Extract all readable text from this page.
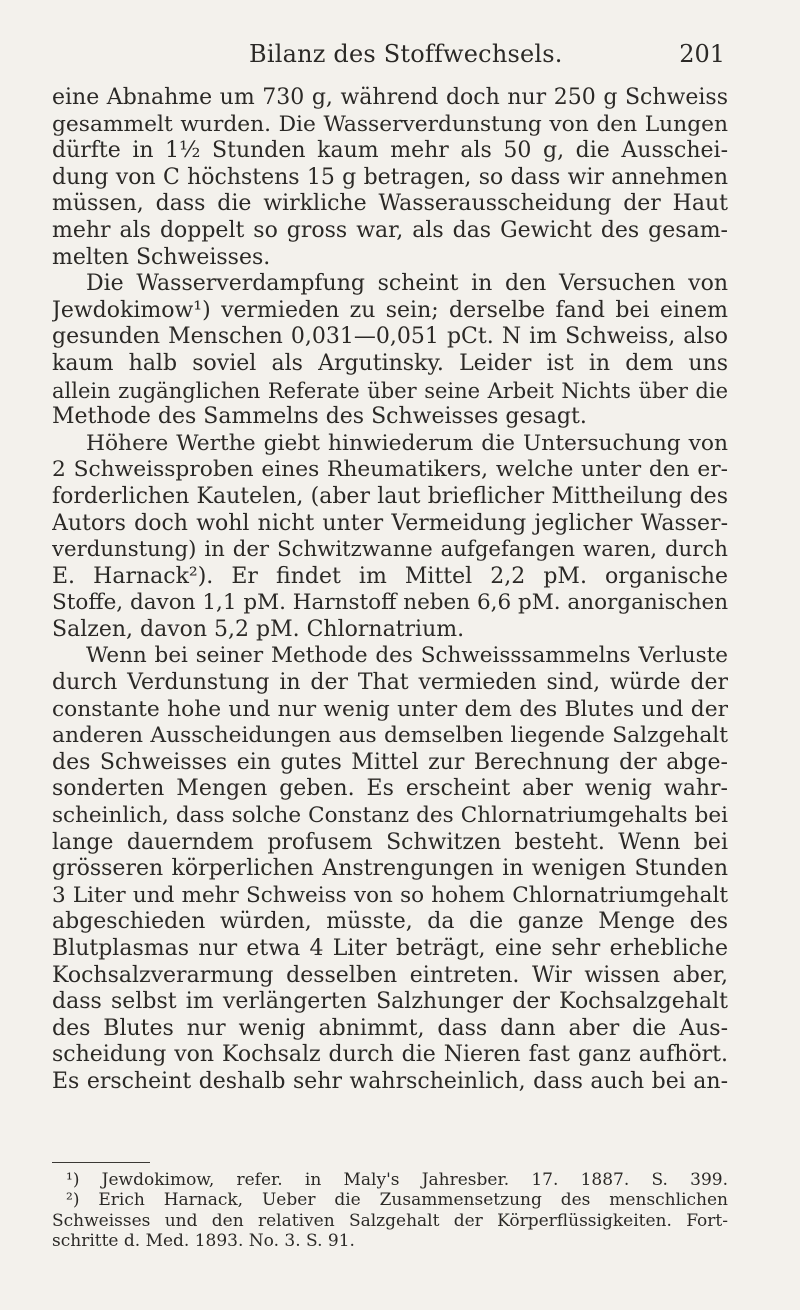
Bilanz des Stoffwechsels.	201
eine Abnahme um 730 g, während doch nur 250 g Schweiss
gesammelt wurden. Die Wasserverdunstung von den Lungen
dürfte in 1½ Stunden kaum mehr als 50 g, die Ausschei-
dung von C höchstens 15 g betragen, so dass wir annehmen
müssen, dass die wirkliche Wasserausscheidung der Haut
mehr als doppelt so gross war, als das Gewicht des gesam-
melten Schweisses.
Die Wasserverdampfung scheint in den Versuchen von
Jewdokimow¹) vermieden zu sein; derselbe fand bei einem
gesunden Menschen 0,031—0,051 pCt. N im Schweiss, also
kaum halb soviel als Argutinsky. Leider ist in dem uns
allein zugänglichen Referate über seine Arbeit Nichts über die
Methode des Sammelns des Schweisses gesagt.
Höhere Werthe giebt hinwiederum die Untersuchung von
2 Schweissproben eines Rheumatikers, welche unter den er-
forderlichen Kautelen, (aber laut brieflicher Mittheilung des
Autors doch wohl nicht unter Vermeidung jeglicher Wasser-
verdunstung) in der Schwitzwanne aufgefangen waren, durch
E. Harnack²). Er findet im Mittel 2,2 pM. organische
Stoffe, davon 1,1 pM. Harnstoff neben 6,6 pM. anorganischen
Salzen, davon 5,2 pM. Chlornatrium.
Wenn bei seiner Methode des Schweisssammelns Verluste
durch Verdunstung in der That vermieden sind, würde der
constante hohe und nur wenig unter dem des Blutes und der
anderen Ausscheidungen aus demselben liegende Salzgehalt
des Schweisses ein gutes Mittel zur Berechnung der abge-
sonderten Mengen geben. Es erscheint aber wenig wahr-
scheinlich, dass solche Constanz des Chlornatriumgehalts bei
lange dauerndem profusem Schwitzen besteht. Wenn bei
grösseren körperlichen Anstrengungen in wenigen Stunden
3 Liter und mehr Schweiss von so hohem Chlornatriumgehalt
abgeschieden würden, müsste, da die ganze Menge des
Blutplasmas nur etwa 4 Liter beträgt, eine sehr erhebliche
Kochsalzverarmung desselben eintreten. Wir wissen aber,
dass selbst im verlängerten Salzhunger der Kochsalzgehalt
des Blutes nur wenig abnimmt, dass dann aber die Aus-
scheidung von Kochsalz durch die Nieren fast ganz aufhört.
Es erscheint deshalb sehr wahrscheinlich, dass auch bei an-
¹) Jewdokimow, refer. in Maly's Jahresber. 17. 1887. S. 399.
²) Erich Harnack, Ueber die Zusammensetzung des menschlichen
Schweisses und den relativen Salzgehalt der Körperflüssigkeiten. Fort-
schritte d. Med. 1893. No. 3. S. 91.
